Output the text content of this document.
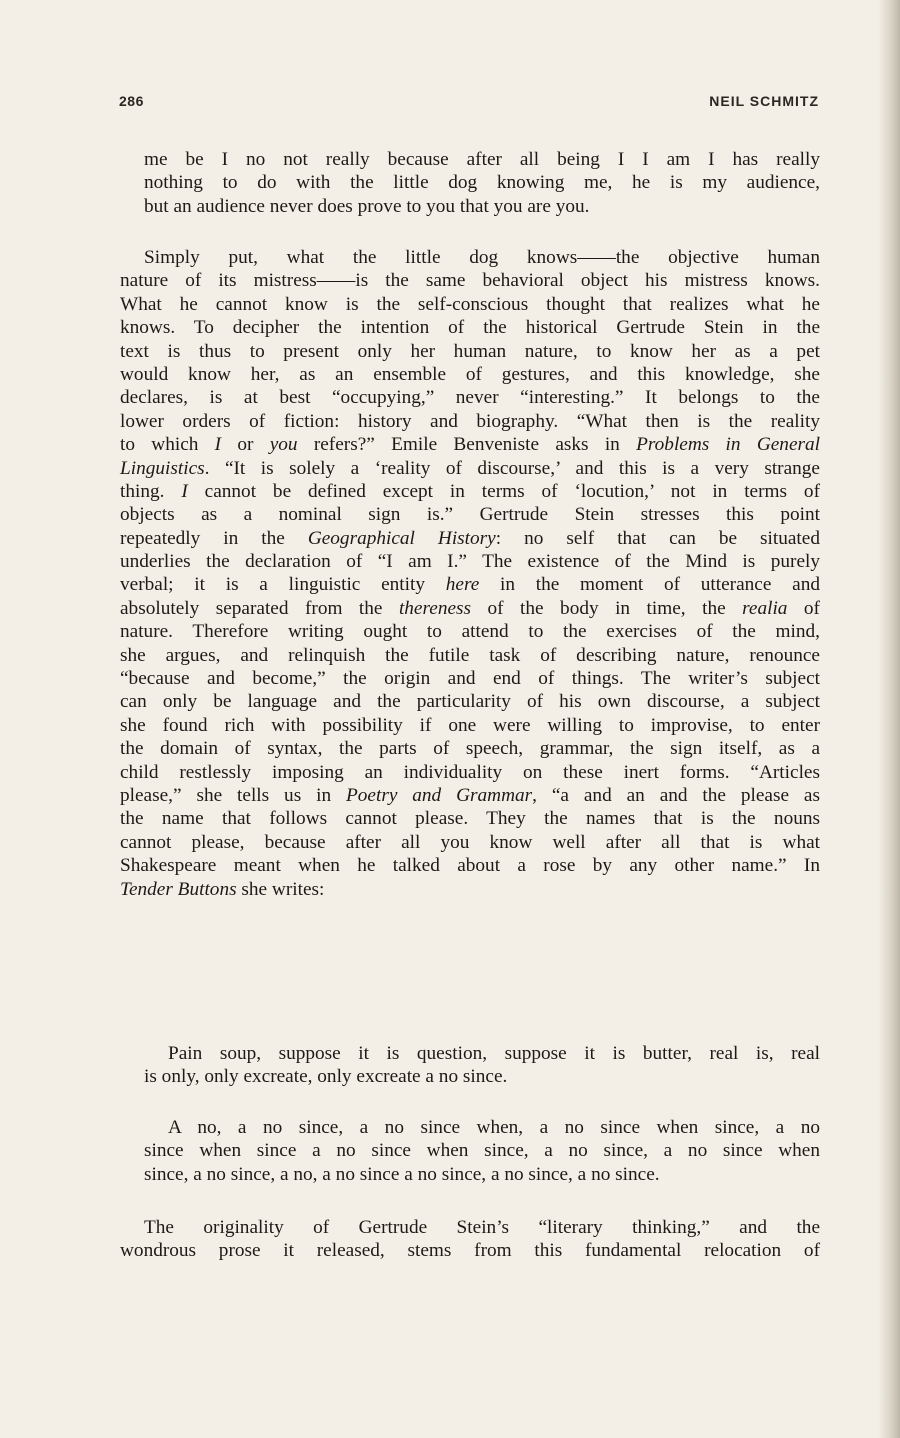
286	NEIL SCHMITZ
me be I no not really because after all being I I am I has really
nothing to do with the little dog knowing me, he is my audience,
but an audience never does prove to you that you are you.
Simply put, what the little dog knows——the objective human
nature of its mistress——is the same behavioral object his mistress knows.
What he cannot know is the self-conscious thought that realizes what he
knows. To decipher the intention of the historical Gertrude Stein in the
text is thus to present only her human nature, to know her as a pet
would know her, as an ensemble of gestures, and this knowledge, she
declares, is at best “occupying,” never “interesting.” It belongs to the
lower orders of fiction: history and biography. “What then is the reality
to which I or you refers?” Emile Benveniste asks in Problems in General
Linguistics. “It is solely a ‘reality of discourse,’ and this is a very strange
thing. I cannot be defined except in terms of ‘locution,’ not in terms of
objects as a nominal sign is.” Gertrude Stein stresses this point
repeatedly in the Geographical History: no self that can be situated
underlies the declaration of “I am I.” The existence of the Mind is purely
verbal; it is a linguistic entity here in the moment of utterance and
absolutely separated from the thereness of the body in time, the realia of
nature. Therefore writing ought to attend to the exercises of the mind,
she argues, and relinquish the futile task of describing nature, renounce
“because and become,” the origin and end of things. The writer’s subject
can only be language and the particularity of his own discourse, a subject
she found rich with possibility if one were willing to improvise, to enter
the domain of syntax, the parts of speech, grammar, the sign itself, as a
child restlessly imposing an individuality on these inert forms. “Articles
please,” she tells us in Poetry and Grammar, “a and an and the please as
the name that follows cannot please. They the names that is the nouns
cannot please, because after all you know well after all that is what
Shakespeare meant when he talked about a rose by any other name.” In
Tender Buttons she writes:
Pain soup, suppose it is question, suppose it is butter, real is, real
is only, only excreate, only excreate a no since.
A no, a no since, a no since when, a no since when since, a no
since when since a no since when since, a no since, a no since when
since, a no since, a no, a no since a no since, a no since, a no since.
The originality of Gertrude Stein’s “literary thinking,” and the
wondrous prose it released, stems from this fundamental relocation of
